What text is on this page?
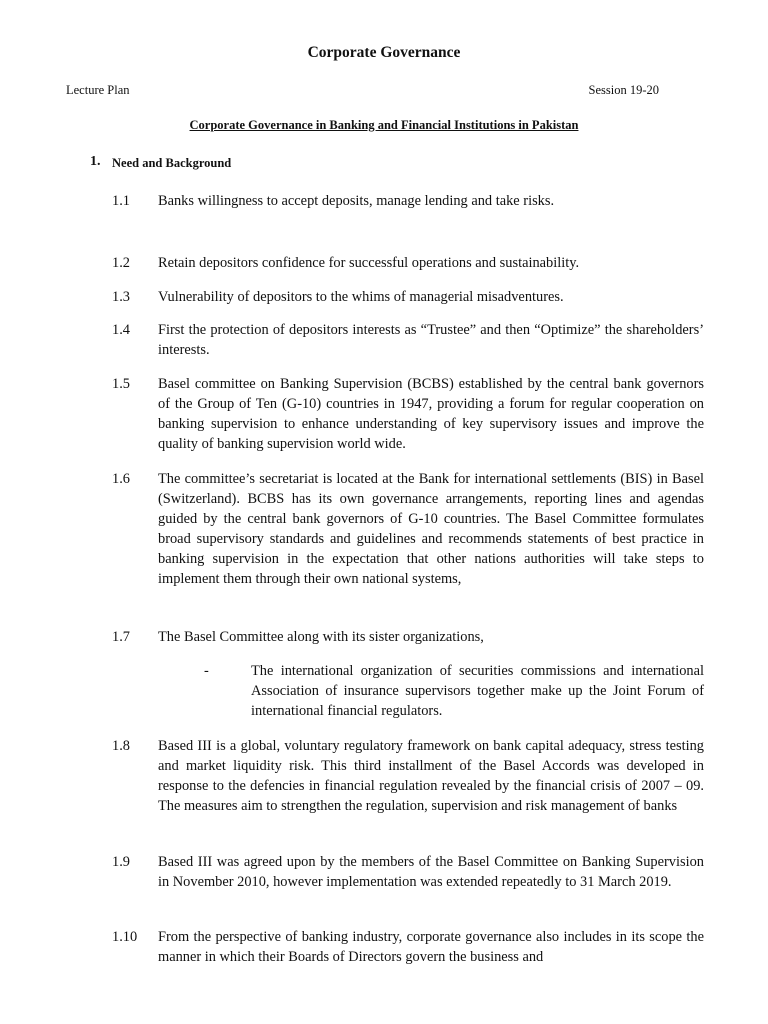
Corporate Governance
Lecture Plan	Session 19-20
Corporate Governance in Banking and Financial Institutions in Pakistan
1. Need and Background
1.1 Banks willingness to accept deposits, manage lending and take risks.
1.2 Retain depositors confidence for successful operations and sustainability.
1.3 Vulnerability of depositors to the whims of managerial misadventures.
1.4 First the protection of depositors interests as “Trustee” and then “Optimize” the shareholders’ interests.
1.5 Basel committee on Banking Supervision (BCBS) established by the central bank governors of the Group of Ten (G-10) countries in 1947, providing a forum for regular cooperation on banking supervision to enhance understanding of key supervisory issues and improve the quality of banking supervision world wide.
1.6 The committee’s secretariat is located at the Bank for international settlements (BIS) in Basel (Switzerland). BCBS has its own governance arrangements, reporting lines and agendas guided by the central bank governors of G-10 countries. The Basel Committee formulates broad supervisory standards and guidelines and recommends statements of best practice in banking supervision in the expectation that other nations authorities will take steps to implement them through their own national systems,
1.7 The Basel Committee along with its sister organizations,
-	The international organization of securities commissions and international Association of insurance supervisors together make up the Joint Forum of international financial regulators.
1.8 Based III is a global, voluntary regulatory framework on bank capital adequacy, stress testing and market liquidity risk. This third installment of the Basel Accords was developed in response to the defencies in financial regulation revealed by the financial crisis of 2007 – 09. The measures aim to strengthen the regulation, supervision and risk management of banks
1.9 Based III was agreed upon by the members of the Basel Committee on Banking Supervision in November 2010, however implementation was extended repeatedly to 31 March 2019.
1.10 From the perspective of banking industry, corporate governance also includes in its scope the manner in which their Boards of Directors govern the business and
